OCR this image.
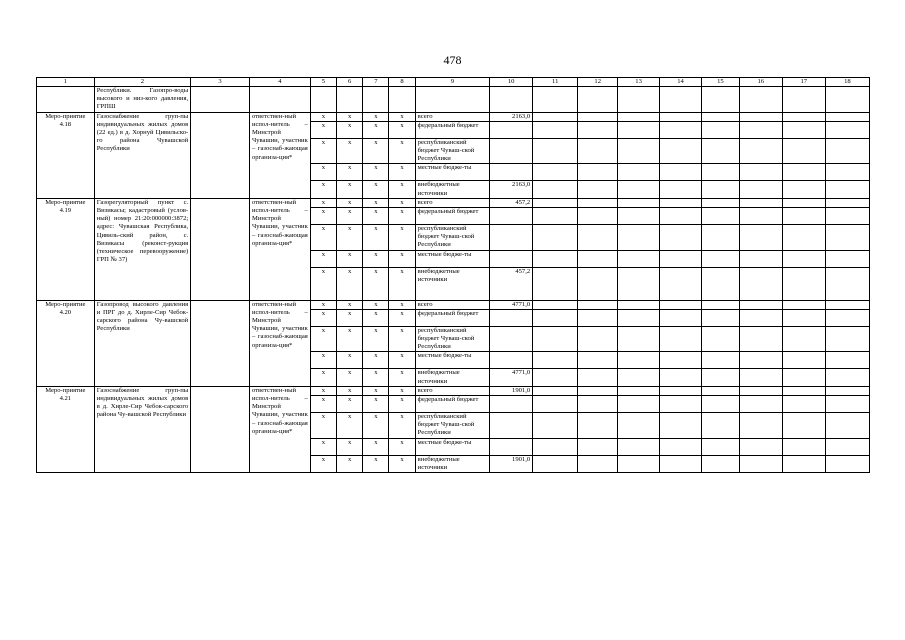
478
1	2	3	4	5	6	7	8	9	10	11	12	13	14	15	16	17	18
	Республики. Газопро-воды высокого и низ-кого давления, ГРПШ																
Меро-приятие 4.18	Газоснабжение груп-пы индивидуальных жилых домов (22 ед.) в д. Хорнуй Цивильско-го района Чувашской Республики		ответствен-ный испол-нитель – Минстрой Чувашии, участник – газоснаб-жающая организа-ция*	x	x	x	x	всего	2163,0								
				x	x	x	x	федеральный бюджет									
				x	x	x	x	республиканский бюджет Чуваш-ской Республики									
				x	x	x	x	местные бюдже-ты									
				x	x	x	x	внебюджетные источники	2163,0								
Меро-приятие 4.19	Газорегуляторный пункт с. Визикасы; кадастровый (услов-ный) номер 21:20:000000:3872; адрес: Чувашская Республика, Цивиль-ский район, с. Визикасы (реконст-рукция (техническое перевооружение) ГРП № 37)		ответствен-ный испол-нитель – Минстрой Чувашии, участник – газоснаб-жающая организа-ция*	x	x	x	x	всего	457,2								
				x	x	x	x	федеральный бюджет									
				x	x	x	x	республиканский бюджет Чуваш-ской Республики									
				x	x	x	x	местные бюдже-ты									
				x	x	x	x	внебюджетные источники	457,2								
Меро-приятие 4.20	Газопровод высокого давления и ПРГ до д. Хирле-Сир Чебок-сарского района Чу-вашской Республики		ответствен-ный испол-нитель – Минстрой Чувашии, участник – газоснаб-жающая организа-ция*	x	x	x	x	всего	4771,0								
				x	x	x	x	федеральный бюджет									
				x	x	x	x	республиканский бюджет Чуваш-ской Республики									
				x	x	x	x	местные бюдже-ты									
				x	x	x	x	внебюджетные источники	4771,0								
Меро-приятие 4.21	Газоснабжение груп-пы индивидуальных жилых домов в д. Хирле-Сир Чебок-сарского района Чу-вашской Республики		ответствен-ный испол-нитель – Минстрой Чувашии, участник – газоснаб-жающая организа-ция*	x	x	x	x	всего	1901,0								
				x	x	x	x	федеральный бюджет									
				x	x	x	x	республиканский бюджет Чуваш-ской Республики									
				x	x	x	x	местные бюдже-ты									
				x	x	x	x	внебюджетные источники	1901,0								
